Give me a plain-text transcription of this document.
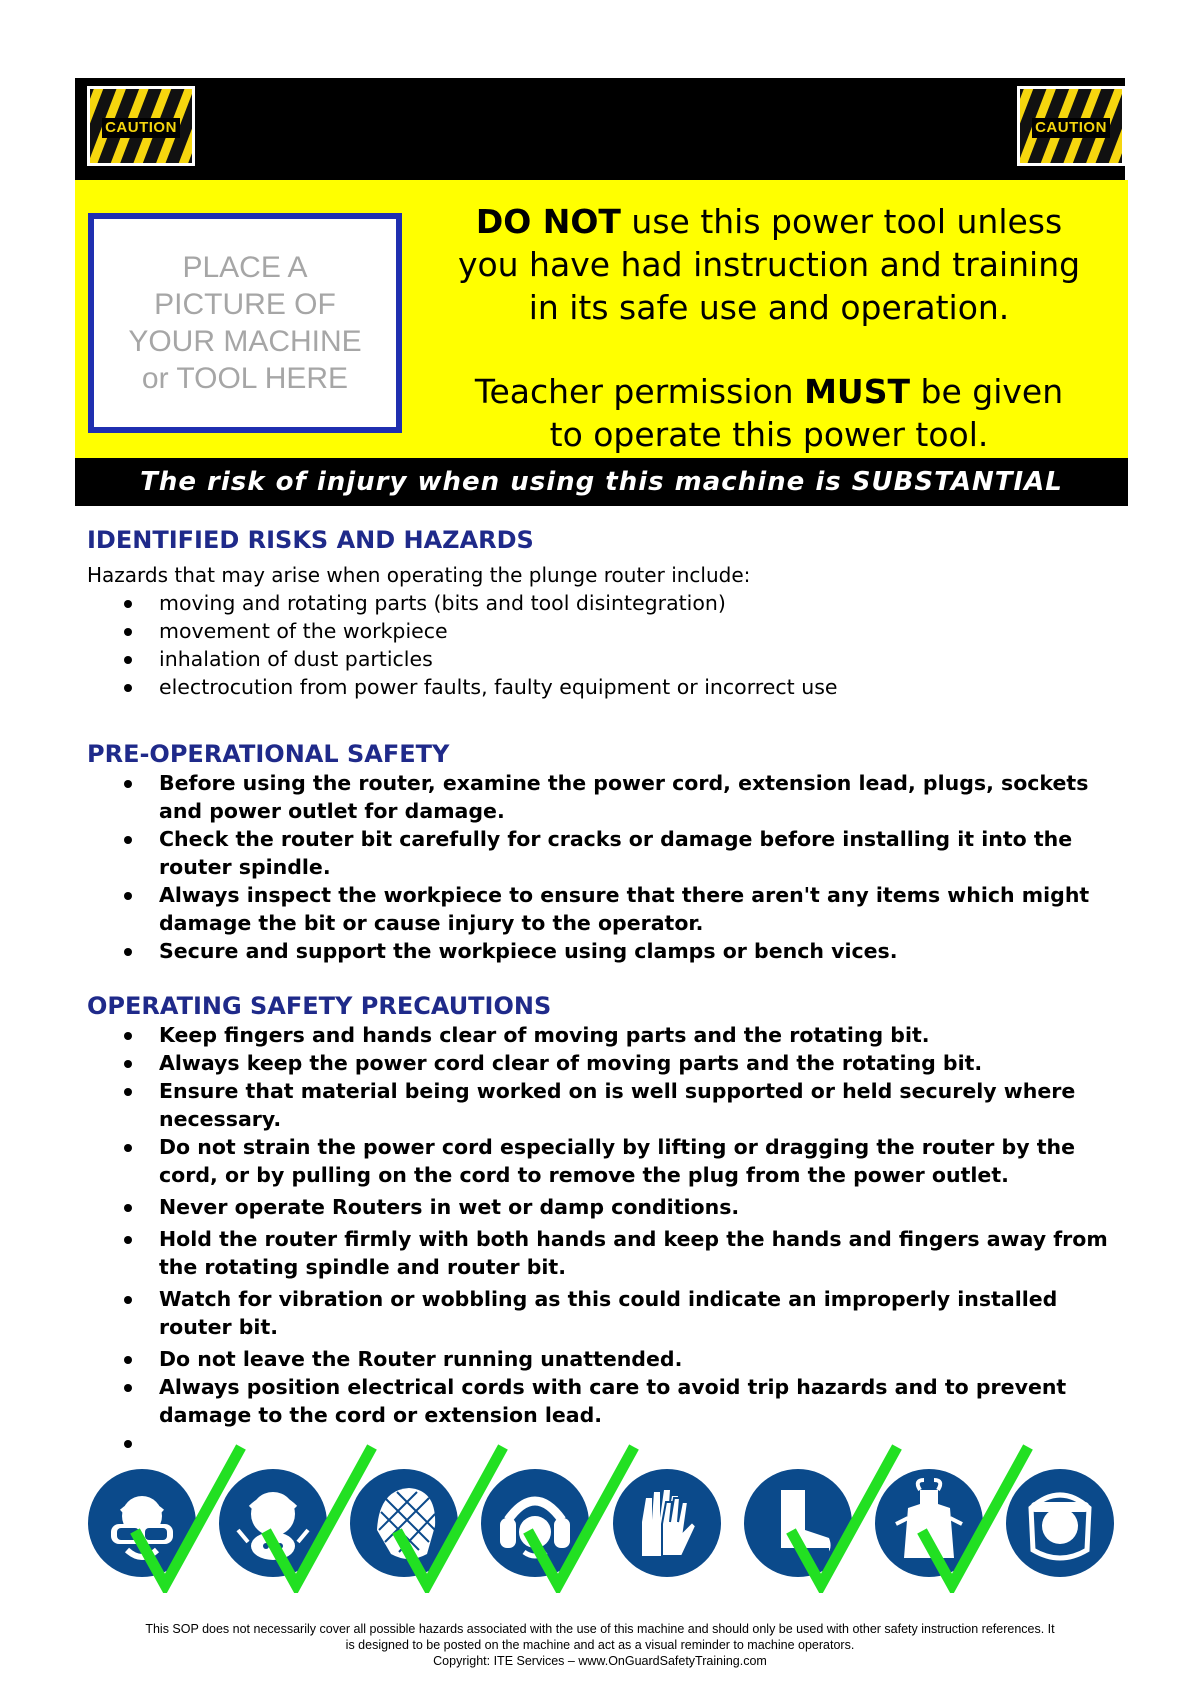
CAUTION	CAUTION
PLACE A
PICTURE OF
YOUR MACHINE
or TOOL HERE
DO NOT use this power tool unless
you have had instruction and training
in its safe use and operation.
Teacher permission MUST be given
to operate this power tool.
The risk of injury when using this machine is SUBSTANTIAL
IDENTIFIED RISKS AND HAZARDS

Hazards that may arise when operating the plunge router include:

moving and rotating parts (bits and tool disintegration)
movement of the workpiece
inhalation of dust particles
electrocution from power faults, faulty equipment or incorrect use
PRE-OPERATIONAL SAFETY
Before using the router, examine the power cord, extension lead, plugs, sockets and power outlet for damage.
Check the router bit carefully for cracks or damage before installing it into the router spindle.
Always inspect the workpiece to ensure that there aren't any items which might damage the bit or cause injury to the operator.
Secure and support the workpiece using clamps or bench vices.
OPERATING SAFETY PRECAUTIONS
Keep fingers and hands clear of moving parts and the rotating bit.
Always keep the power cord clear of moving parts and the rotating bit.
Ensure that material being worked on is well supported or held securely where necessary.
Do not strain the power cord especially by lifting or dragging the router by the cord, or by pulling on the cord to remove the plug from the power outlet.
Never operate Routers in wet or damp conditions.
Hold the router firmly with both hands and keep the hands and fingers away from the rotating spindle and router bit.
Watch for vibration or wobbling as this could indicate an improperly installed router bit.
Do not leave the Router running unattended.
Always position electrical cords with care to avoid trip hazards and to prevent damage to the cord or extension lead.
This SOP does not necessarily cover all possible hazards associated with the use of this machine and should only be used with other safety instruction references. It
is designed to be posted on the machine and act as a visual reminder to machine operators.
Copyright: ITE Services – www.OnGuardSafetyTraining.com
